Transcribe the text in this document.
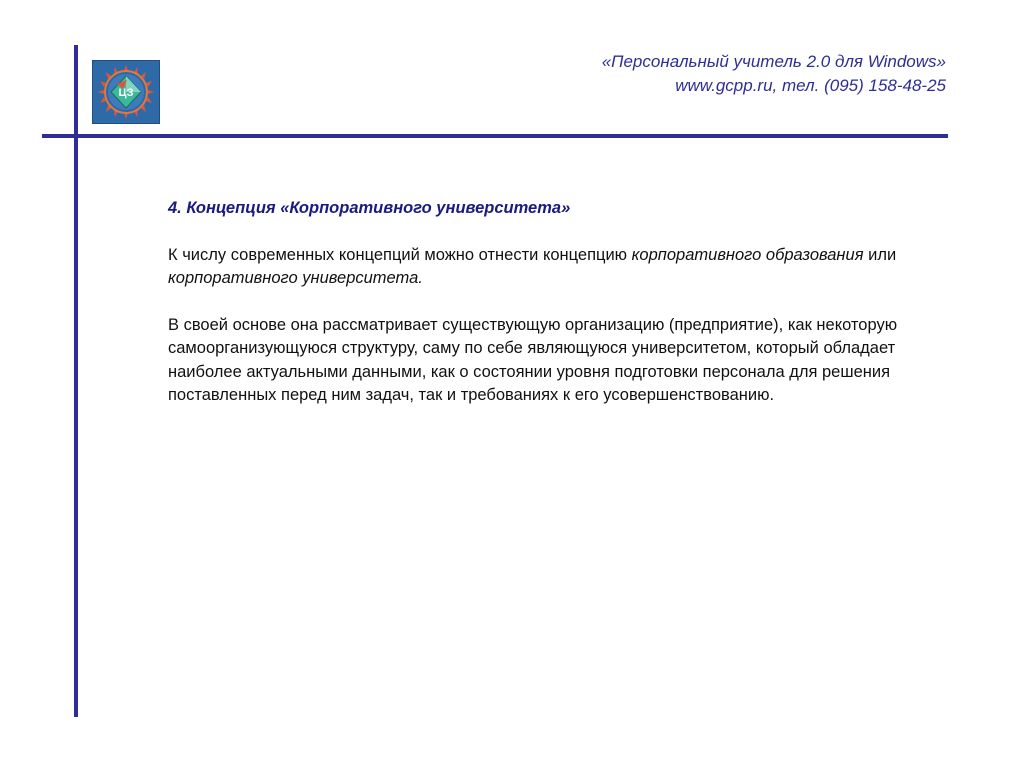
ЦЗ
«Персональный учитель 2.0 для Windows»
www.gcpp.ru, тел. (095) 158-48-25

4. Концепция «Корпоративного университета»

К числу современных концепций можно отнести концепцию корпоративного образования или корпоративного университета.

В своей основе она рассматривает существующую организацию (предприятие), как некоторую самоорганизующуюся структуру, саму по себе являющуюся университетом, который обладает наиболее актуальными данными, как о состоянии уровня подготовки персонала для решения поставленных перед ним задач, так и требованиях к его усовершенствованию.
